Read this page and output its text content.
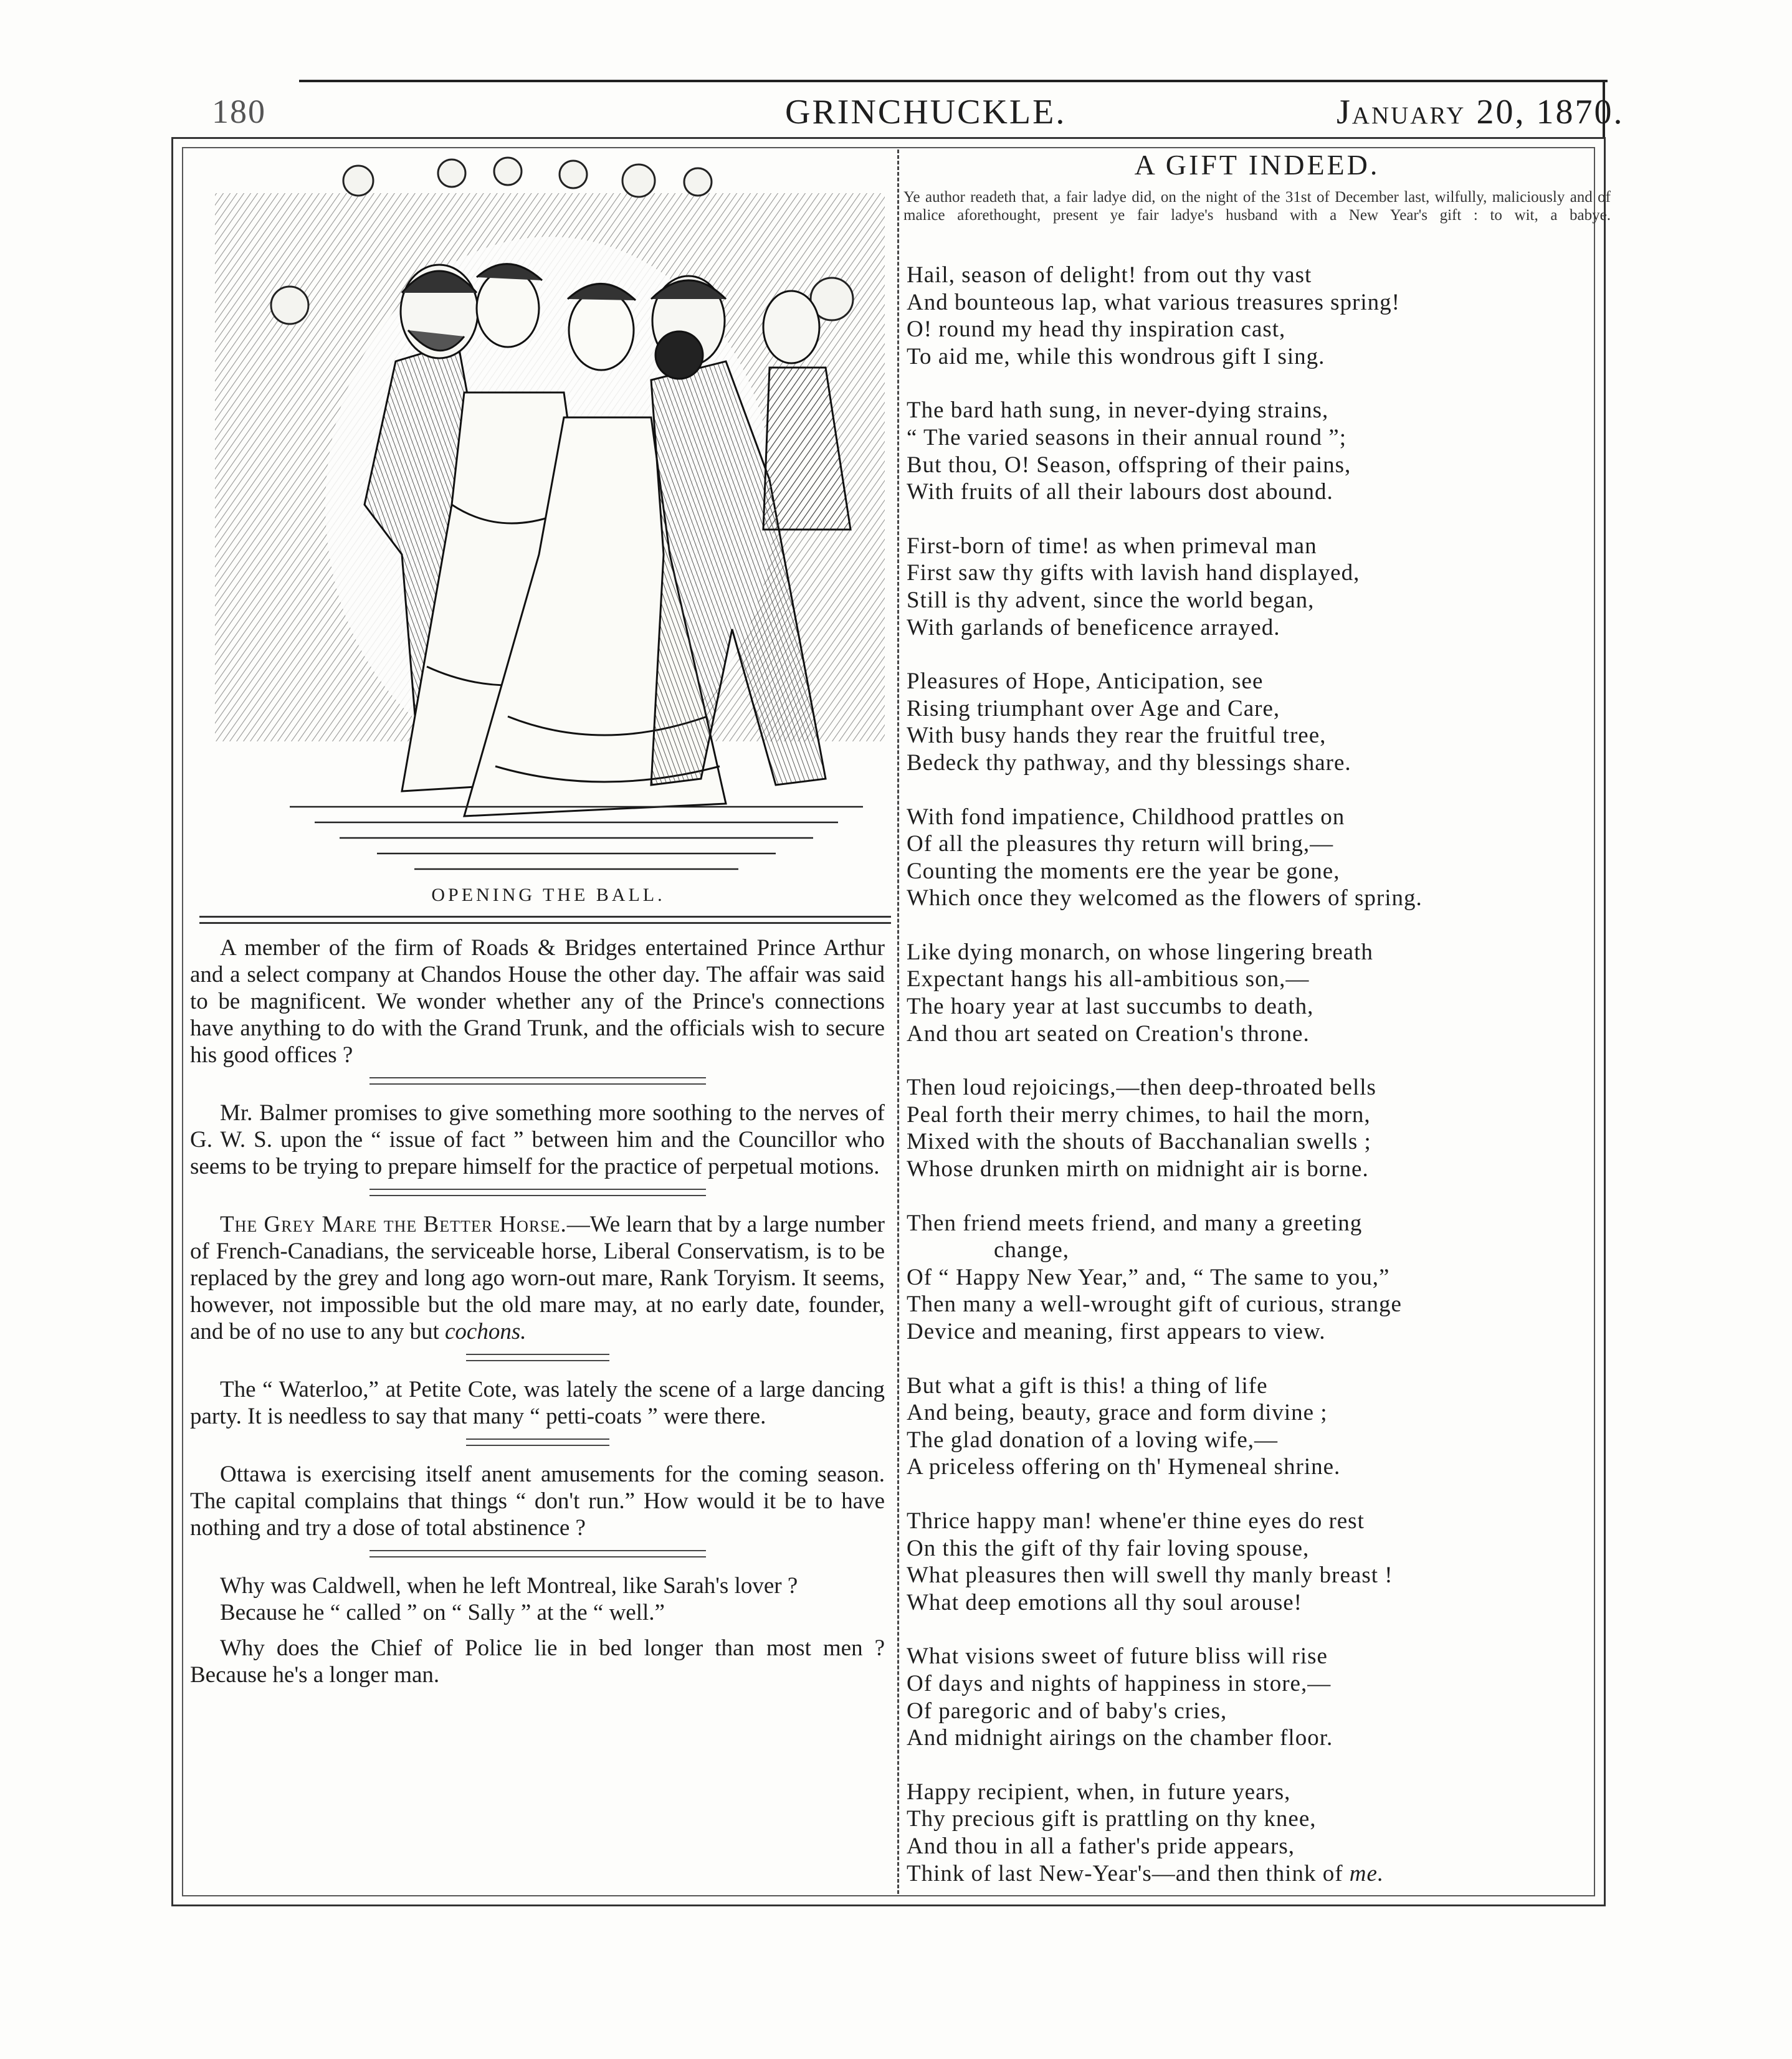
180	GRINCHUCKLE.	January 20, 1870.
OPENING THE BALL.

A member of the firm of Roads & Bridges entertained Prince Arthur and a select company at Chandos House the other day. The affair was said to be magnificent. We wonder whether any of the Prince's connections have anything to do with the Grand Trunk, and the officials wish to secure his good offices ?

Mr. Balmer promises to give something more soothing to the nerves of G. W. S. upon the “ issue of fact ” between him and the Councillor who seems to be trying to prepare himself for the practice of perpetual motions.

The Grey Mare the Better Horse.—We learn that by a large number of French-Canadians, the serviceable horse, Liberal Conservatism, is to be replaced by the grey and long ago worn-out mare, Rank Toryism. It seems, however, not impossible but the old mare may, at no early date, founder, and be of no use to any but cochons.

The “ Waterloo,” at Petite Cote, was lately the scene of a large dancing party. It is needless to say that many “ petti-coats ” were there.

Ottawa is exercising itself anent amusements for the coming season. The capital complains that things “ don't run.” How would it be to have nothing and try a dose of total abstinence ?

Why was Caldwell, when he left Montreal, like Sarah's lover ?

Because he “ called ” on “ Sally ” at the “ well.”

Why does the Chief of Police lie in bed longer than most men ? Because he's a longer man.

A GIFT INDEED.
Ye author readeth that, a fair ladye did, on the night of the 31st of December last, wilfully, maliciously and of malice aforethought, present ye fair ladye's husband with a New Year's gift : to wit, a babye.
Hail, season of delight! from out thy vast
And bounteous lap, what various treasures spring!
O! round my head thy inspiration cast,
To aid me, while this wondrous gift I sing.
The bard hath sung, in never-dying strains,
“ The varied seasons in their annual round ”;
But thou, O! Season, offspring of their pains,
With fruits of all their labours dost abound.
First-born of time! as when primeval man
First saw thy gifts with lavish hand displayed,
Still is thy advent, since the world began,
With garlands of beneficence arrayed.
Pleasures of Hope, Anticipation, see
Rising triumphant over Age and Care,
With busy hands they rear the fruitful tree,
Bedeck thy pathway, and thy blessings share.
With fond impatience, Childhood prattles on
Of all the pleasures thy return will bring,—
Counting the moments ere the year be gone,
Which once they welcomed as the flowers of spring.
Like dying monarch, on whose lingering breath
Expectant hangs his all-ambitious son,—
The hoary year at last succumbs to death,
And thou art seated on Creation's throne.
Then loud rejoicings,—then deep-throated bells
Peal forth their merry chimes, to hail the morn,
Mixed with the shouts of Bacchanalian swells ;
Whose drunken mirth on midnight air is borne.
Then friend meets friend, and many a greeting
change,
Of “ Happy New Year,” and, “ The same to you,”
Then many a well-wrought gift of curious, strange
Device and meaning, first appears to view.
But what a gift is this! a thing of life
And being, beauty, grace and form divine ;
The glad donation of a loving wife,—
A priceless offering on th' Hymeneal shrine.
Thrice happy man! whene'er thine eyes do rest
On this the gift of thy fair loving spouse,
What pleasures then will swell thy manly breast !
What deep emotions all thy soul arouse!
What visions sweet of future bliss will rise
Of days and nights of happiness in store,—
Of paregoric and of baby's cries,
And midnight airings on the chamber floor.
Happy recipient, when, in future years,
Thy precious gift is prattling on thy knee,
And thou in all a father's pride appears,
Think of last New-Year's—and then think of me.
